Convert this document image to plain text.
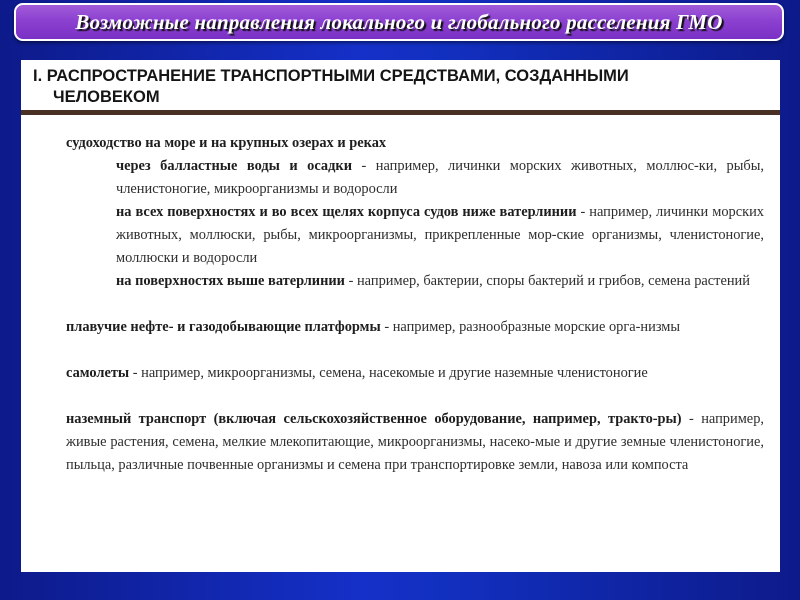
Возможные направления локального и глобального расселения ГМО

I. РАСПРОСТРАНЕНИЕ ТРАНСПОРТНЫМИ СРЕДСТВАМИ, СОЗДАННЫМИ
ЧЕЛОВЕКОМ

судоходство на море и на крупных озерах и реках

через балластные воды и осадки - например, личинки морских животных, моллюс-ки, рыбы, членистоногие, микроорганизмы и водоросли

на всех поверхностях и во всех щелях корпуса судов ниже ватерлинии - например, личинки морских животных, моллюски, рыбы, микроорганизмы, прикрепленные мор-ские организмы, членистоногие, моллюски и водоросли

на поверхностях выше ватерлинии - например, бактерии, споры бактерий и грибов, семена растений

плавучие нефте- и газодобывающие платформы - например, разнообразные морские орга-низмы

самолеты - например, микроорганизмы, семена, насекомые и другие наземные членистоногие

наземный транспорт (включая сельскохозяйственное оборудование, например, тракто-ры) - например, живые растения, семена, мелкие млекопитающие, микроорганизмы, насеко-мые и другие земные членистоногие, пыльца, различные почвенные организмы и семена при транспортировке земли, навоза или компоста
